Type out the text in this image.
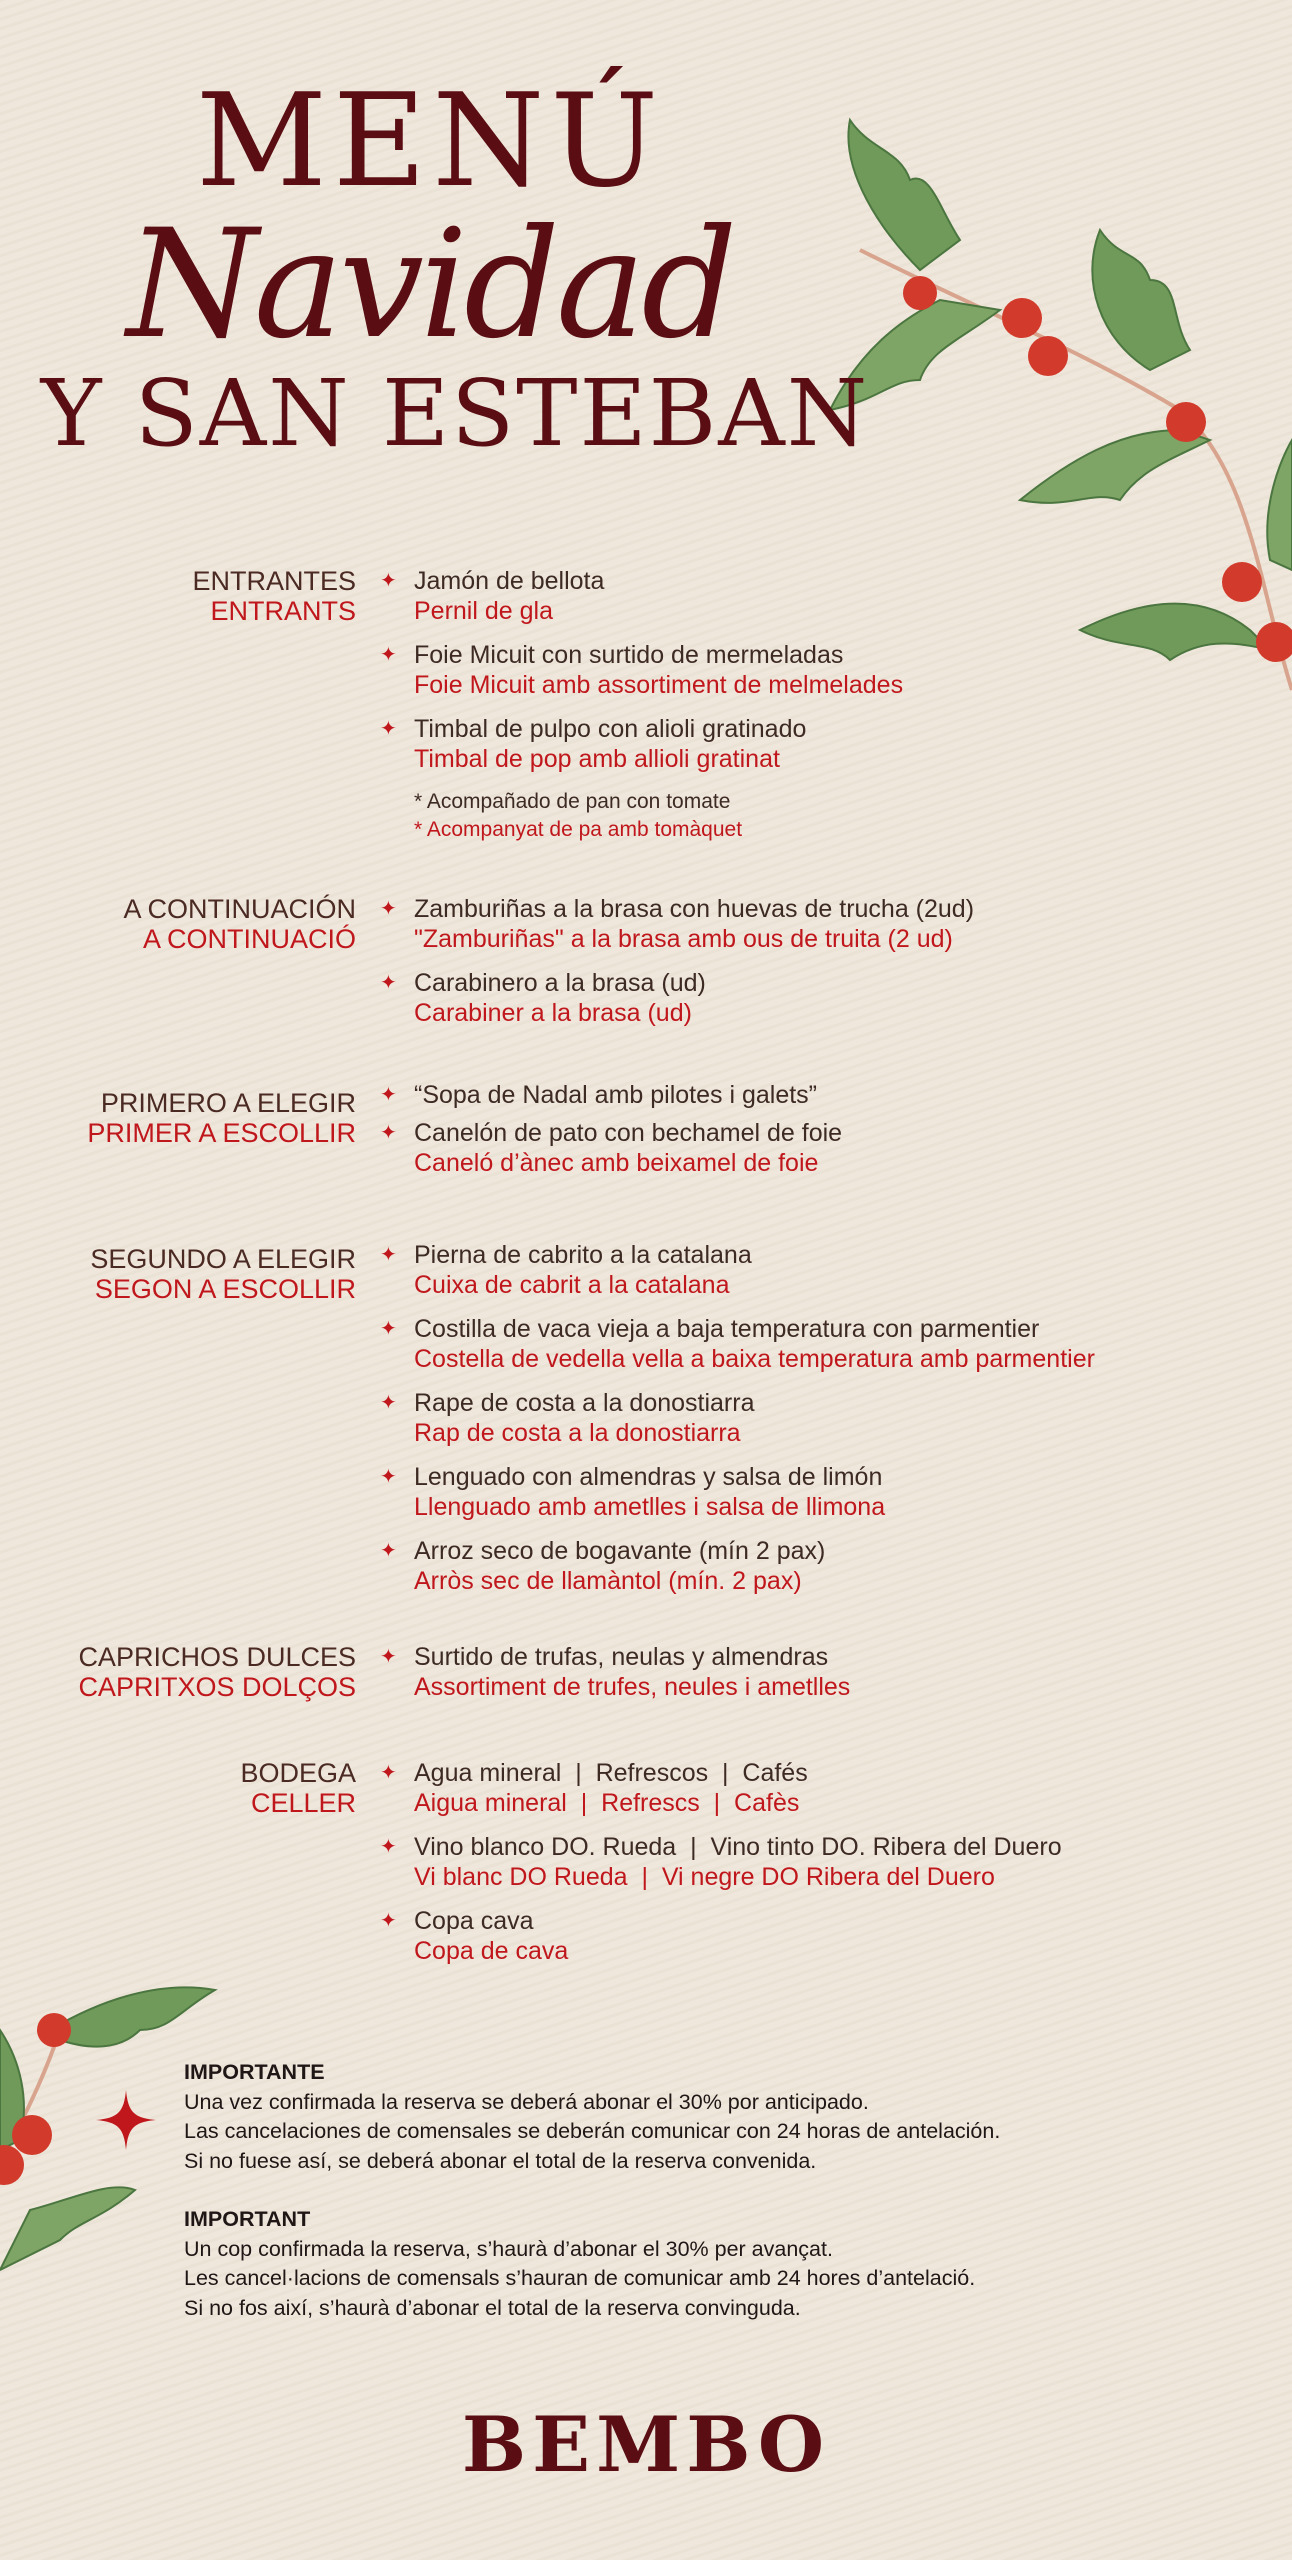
MENÚ
Navidad
Y SAN ESTEBAN
ENTRANTES
ENTRANTS
✦ Jamón de bellota
Pernil de gla
✦ Foie Micuit con surtido de mermeladas
Foie Micuit amb assortiment de melmelades
✦ Timbal de pulpo con alioli gratinado
Timbal de pop amb allioli gratinat
* Acompañado de pan con tomate
* Acompanyat de pa amb tomàquet
A CONTINUACIÓN
A CONTINUACIÓ
✦ Zamburiñas a la brasa con huevas de trucha (2ud)
"Zamburiñas" a la brasa amb ous de truita (2 ud)
✦ Carabinero a la brasa (ud)
Carabiner a la brasa (ud)
PRIMERO A ELEGIR
PRIMER A ESCOLLIR
✦ “Sopa de Nadal amb pilotes i galets”
✦ Canelón de pato con bechamel de foie
Caneló d’ànec amb beixamel de foie
SEGUNDO A ELEGIR
SEGON A ESCOLLIR
✦ Pierna de cabrito a la catalana
Cuixa de cabrit a la catalana
✦ Costilla de vaca vieja a baja temperatura con parmentier
Costella de vedella vella a baixa temperatura amb parmentier
✦ Rape de costa a la donostiarra
Rap de costa a la donostiarra
✦ Lenguado con almendras y salsa de limón
Llenguado amb ametlles i salsa de llimona
✦ Arroz seco de bogavante (mín 2 pax)
Arròs sec de llamàntol (mín. 2 pax)
CAPRICHOS DULCES
CAPRITXOS DOLÇOS
✦ Surtido de trufas, neulas y almendras
Assortiment de trufes, neules i ametlles
BODEGA
CELLER
✦ Agua mineral  |  Refrescos  |  Cafés
Aigua mineral  |  Refrescs  |  Cafès
✦ Vino blanco DO. Rueda  |  Vino tinto DO. Ribera del Duero
Vi blanc DO Rueda  |  Vi negre DO Ribera del Duero
✦ Copa cava
Copa de cava
IMPORTANTE
Una vez confirmada la reserva se deberá abonar el 30% por anticipado.
Las cancelaciones de comensales se deberán comunicar con 24 horas de antelación.
Si no fuese así, se deberá abonar el total de la reserva convenida.
IMPORTANT
Un cop confirmada la reserva, s’haurà d’abonar el 30% per avançat.
Les cancel·lacions de comensals s’hauran de comunicar amb 24 hores d’antelació.
Si no fos així, s’haurà d’abonar el total de la reserva convinguda.
BEMBO
